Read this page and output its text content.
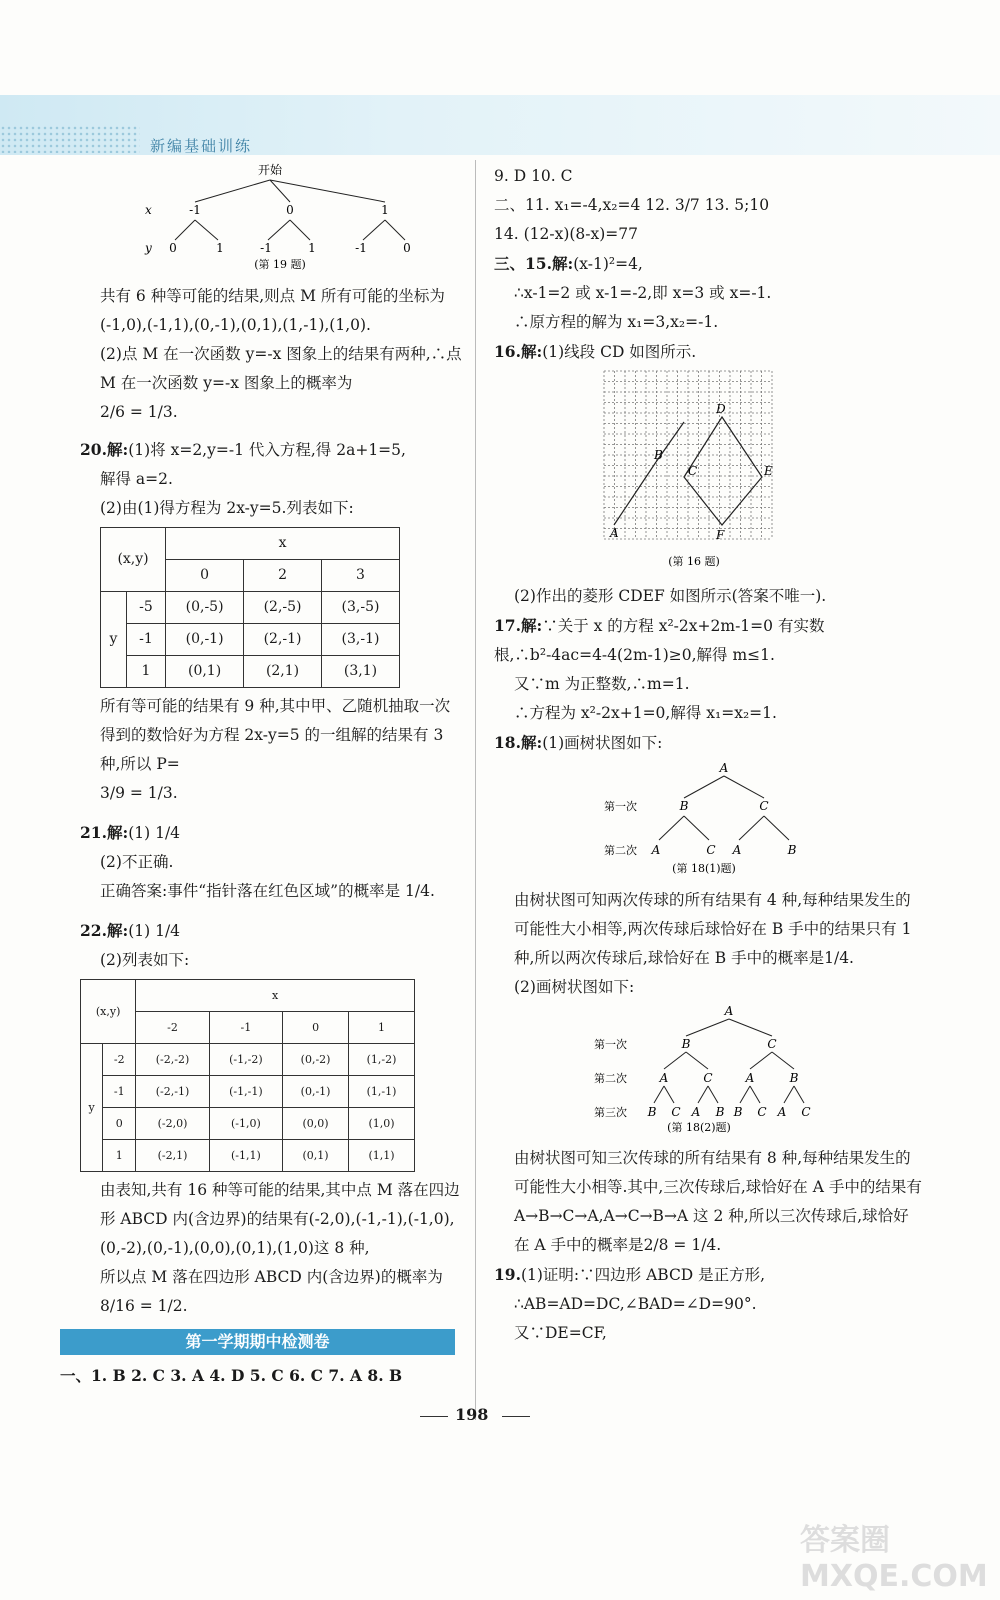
新编基础训练
开始
x	-1	0	1
y 0	1	-1	1	-1	0
(第 19 题)

共有 6 种等可能的结果,则点 M 所有可能的坐标为(-1,0),(-1,1),(0,-1),(0,1),(1,-1),(1,0).

(2)点 M 在一次函数 y=-x 图象上的结果有两种,∴点 M 在一次函数 y=-x 图象上的概率为

2/6 = 1/3.

20.解:(1)将 x=2,y=-1 代入方程,得 2a+1=5,

解得 a=2.

(2)由(1)得方程为 2x-y=5.列表如下:

(x,y)		x		
		0	2	3
y	-5	(0,-5)	(2,-5)	(3,-5)
	-1	(0,-1)	(2,-1)	(3,-1)
	1	(0,1)	(2,1)	(3,1)

所有等可能的结果有 9 种,其中甲、乙随机抽取一次得到的数恰好为方程 2x-y=5 的一组解的结果有 3 种,所以 P=

3/9 = 1/3.

21.解:(1) 1/4

(2)不正确.

正确答案:事件“指针落在红色区域”的概率是 1/4.

22.解:(1) 1/4

(2)列表如下:

(x,y)		x			
		-2	-1	0	1
y	-2	(-2,-2)	(-1,-2)	(0,-2)	(1,-2)
	-1	(-2,-1)	(-1,-1)	(0,-1)	(1,-1)
	0	(-2,0)	(-1,0)	(0,0)	(1,0)
	1	(-2,1)	(-1,1)	(0,1)	(1,1)

由表知,共有 16 种等可能的结果,其中点 M 落在四边形 ABCD 内(含边界)的结果有(-2,0),(-1,-1),(-1,0),(0,-2),(0,-1),(0,0),(0,1),(1,0)这 8 种,

所以点 M 落在四边形 ABCD 内(含边界)的概率为

8/16 = 1/2.

第一学期期中检测卷

一、1. B 2. C 3. A 4. D 5. C 6. C 7. A 8. B

9. D 10. C

二、11. x₁=-4,x₂=4 12. 3/7 13. 5;10

14. (12-x)(8-x)=77

三、15.解:(x-1)²=4,

∴x-1=2 或 x-1=-2,即 x=3 或 x=-1.

∴原方程的解为 x₁=3,x₂=-1.

16.解:(1)线段 CD 如图所示.

D
B
C	E
A	F
(第 16 题)

(2)作出的菱形 CDEF 如图所示(答案不唯一).

17.解:∵关于 x 的方程 x²-2x+2m-1=0 有实数根,∴b²-4ac=4-4(2m-1)≥0,解得 m≤1.

又∵m 为正整数,∴m=1.

∴方程为 x²-2x+1=0,解得 x₁=x₂=1.

18.解:(1)画树状图如下:

A
第一次	B	C
第二次 A	C A	B
(第 18(1)题)

由树状图可知两次传球的所有结果有 4 种,每种结果发生的可能性大小相等,两次传球后球恰好在 B 手中的结果只有 1 种,所以两次传球后,球恰好在 B 手中的概率是1/4.

(2)画树状图如下:

A
第一次	B	C
第二次	A	C	A	B
第三次 B C A B B C A C
(第 18(2)题)

由树状图可知三次传球的所有结果有 8 种,每种结果发生的可能性大小相等.其中,三次传球后,球恰好在 A 手中的结果有 A→B→C→A,A→C→B→A 这 2 种,所以三次传球后,球恰好在 A 手中的概率是2/8 = 1/4.

19.(1)证明:∵四边形 ABCD 是正方形,

∴AB=AD=DC,∠BAD=∠D=90°.

又∵DE=CF,

198
答案圈 MXQE.COM
